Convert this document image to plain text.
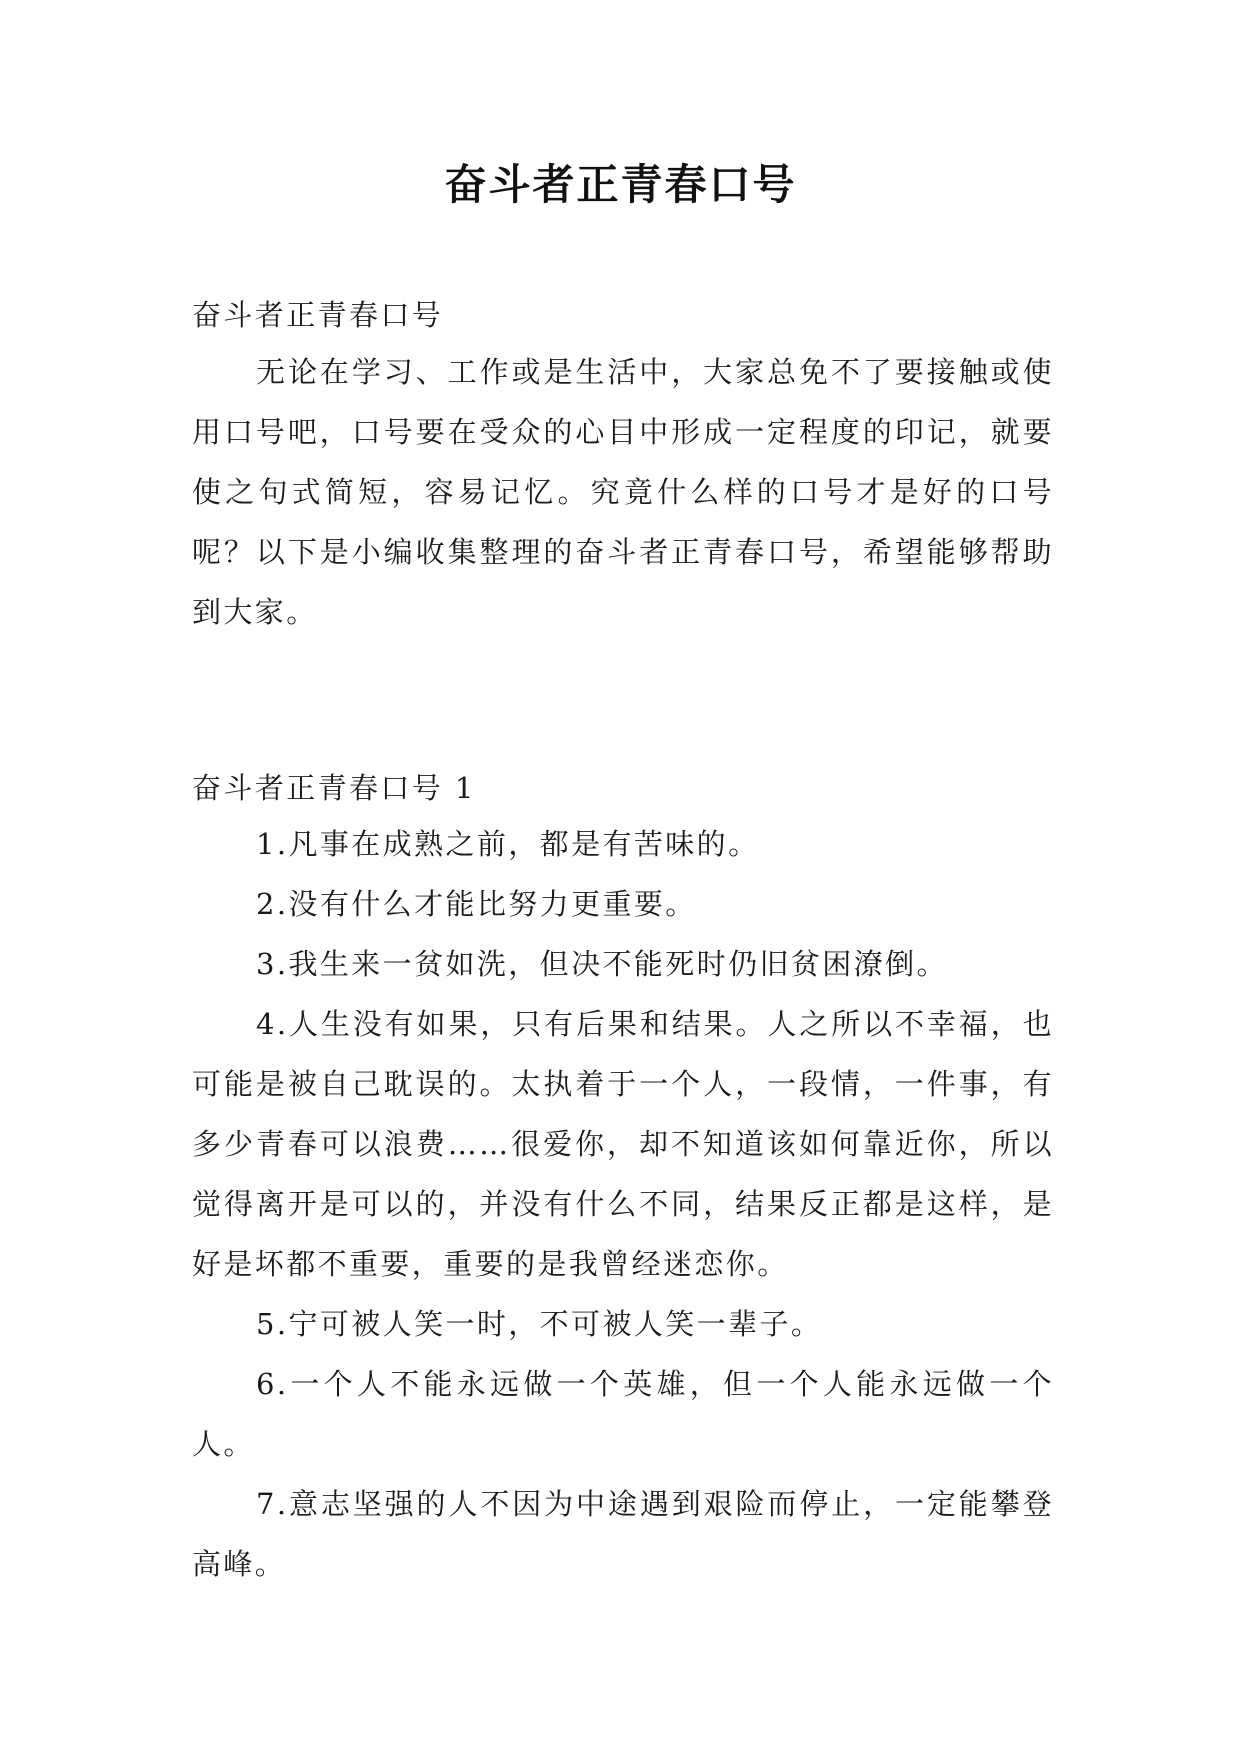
奋斗者正青春口号
奋斗者正青春口号
无论在学习、工作或是生活中，大家总免不了要接触或使用口号吧，口号要在受众的心目中形成一定程度的印记，就要使之句式简短，容易记忆。究竟什么样的口号才是好的口号呢？以下是小编收集整理的奋斗者正青春口号，希望能够帮助到大家。
奋斗者正青春口号 1
1.凡事在成熟之前，都是有苦味的。
2.没有什么才能比努力更重要。
3.我生来一贫如洗，但决不能死时仍旧贫困潦倒。
4.人生没有如果，只有后果和结果。人之所以不幸福，也可能是被自己耽误的。太执着于一个人，一段情，一件事，有多少青春可以浪费……很爱你，却不知道该如何靠近你，所以觉得离开是可以的，并没有什么不同，结果反正都是这样，是好是坏都不重要，重要的是我曾经迷恋你。
5.宁可被人笑一时，不可被人笑一辈子。
6.一个人不能永远做一个英雄，但一个人能永远做一个人。
7.意志坚强的人不因为中途遇到艰险而停止，一定能攀登高峰。
